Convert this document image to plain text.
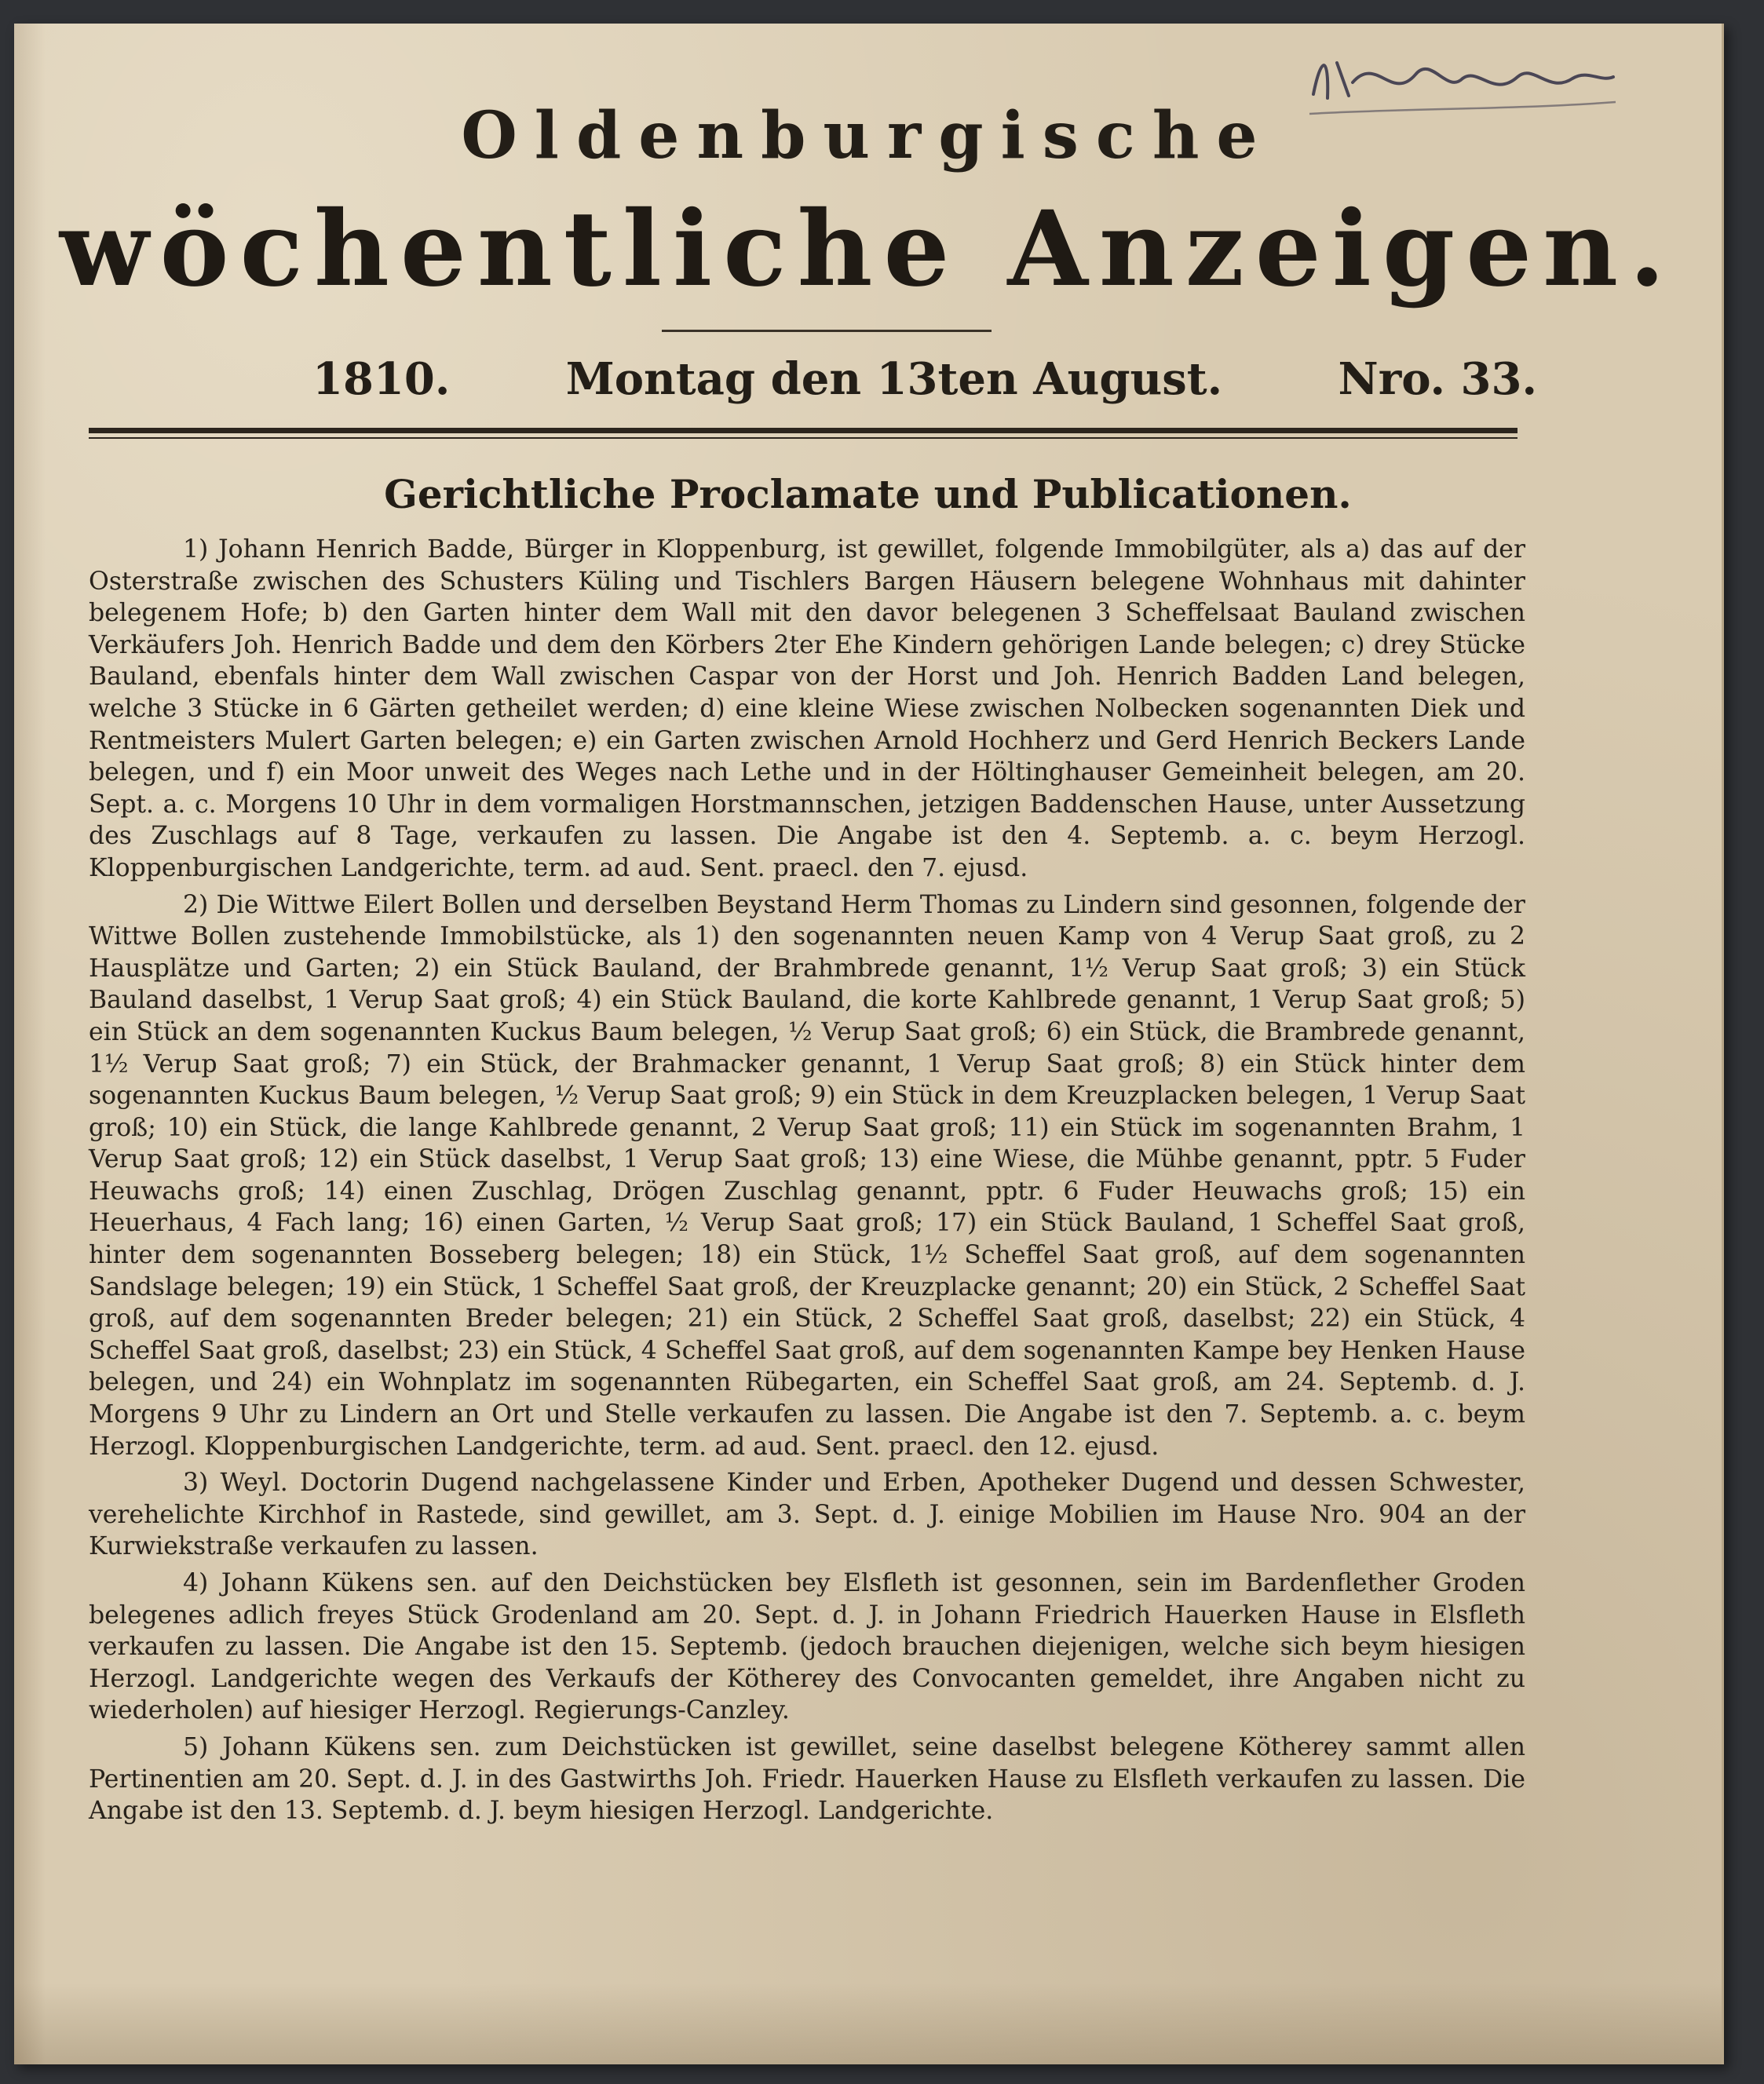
Oldenburgische
wöchentliche Anzeigen.
1810.	Montag den 13ten August.	Nro. 33.
Gerichtliche Proclamate und Publicationen.

1) Johann Henrich Badde, Bürger in Kloppenburg, ist gewillet, folgende Immobilgüter, als a) das auf der Osterstraße zwischen des Schusters Küling und Tischlers Bargen Häusern belegene Wohnhaus mit dahinter belegenem Hofe; b) den Garten hinter dem Wall mit den davor belegenen 3 Scheffelsaat Bauland zwischen Verkäufers Joh. Henrich Badde und dem den Körbers 2ter Ehe Kindern gehörigen Lande belegen; c) drey Stücke Bauland, ebenfals hinter dem Wall zwischen Caspar von der Horst und Joh. Henrich Badden Land belegen, welche 3 Stücke in 6 Gärten getheilet werden; d) eine kleine Wiese zwischen Nolbecken sogenannten Diek und Rentmeisters Mulert Garten belegen; e) ein Garten zwischen Arnold Hochherz und Gerd Henrich Beckers Lande belegen, und f) ein Moor unweit des Weges nach Lethe und in der Höltinghauser Gemeinheit belegen, am 20. Sept. a. c. Morgens 10 Uhr in dem vormaligen Horstmannschen, jetzigen Baddenschen Hause, unter Aussetzung des Zuschlags auf 8 Tage, verkaufen zu lassen. Die Angabe ist den 4. Septemb. a. c. beym Herzogl. Kloppenburgischen Landgerichte, term. ad aud. Sent. praecl. den 7. ejusd.

2) Die Wittwe Eilert Bollen und derselben Beystand Herm Thomas zu Lindern sind gesonnen, folgende der Wittwe Bollen zustehende Immobilstücke, als 1) den sogenannten neuen Kamp von 4 Verup Saat groß, zu 2 Hausplätze und Garten; 2) ein Stück Bauland, der Brahmbrede genannt, 1½ Verup Saat groß; 3) ein Stück Bauland daselbst, 1 Verup Saat groß; 4) ein Stück Bauland, die korte Kahlbrede genannt, 1 Verup Saat groß; 5) ein Stück an dem sogenannten Kuckus Baum belegen, ½ Verup Saat groß; 6) ein Stück, die Brambrede genannt, 1½ Verup Saat groß; 7) ein Stück, der Brahmacker genannt, 1 Verup Saat groß; 8) ein Stück hinter dem sogenannten Kuckus Baum belegen, ½ Verup Saat groß; 9) ein Stück in dem Kreuzplacken belegen, 1 Verup Saat groß; 10) ein Stück, die lange Kahlbrede genannt, 2 Verup Saat groß; 11) ein Stück im sogenannten Brahm, 1 Verup Saat groß; 12) ein Stück daselbst, 1 Verup Saat groß; 13) eine Wiese, die Mühbe genannt, pptr. 5 Fuder Heuwachs groß; 14) einen Zuschlag, Drögen Zuschlag genannt, pptr. 6 Fuder Heuwachs groß; 15) ein Heuerhaus, 4 Fach lang; 16) einen Garten, ½ Verup Saat groß; 17) ein Stück Bauland, 1 Scheffel Saat groß, hinter dem sogenannten Bosseberg belegen; 18) ein Stück, 1½ Scheffel Saat groß, auf dem sogenannten Sandslage belegen; 19) ein Stück, 1 Scheffel Saat groß, der Kreuzplacke genannt; 20) ein Stück, 2 Scheffel Saat groß, auf dem sogenannten Breder belegen; 21) ein Stück, 2 Scheffel Saat groß, daselbst; 22) ein Stück, 4 Scheffel Saat groß, daselbst; 23) ein Stück, 4 Scheffel Saat groß, auf dem sogenannten Kampe bey Henken Hause belegen, und 24) ein Wohnplatz im sogenannten Rübegarten, ein Scheffel Saat groß, am 24. Septemb. d. J. Morgens 9 Uhr zu Lindern an Ort und Stelle verkaufen zu lassen. Die Angabe ist den 7. Septemb. a. c. beym Herzogl. Kloppenburgischen Landgerichte, term. ad aud. Sent. praecl. den 12. ejusd.

3) Weyl. Doctorin Dugend nachgelassene Kinder und Erben, Apotheker Dugend und dessen Schwester, verehelichte Kirchhof in Rastede, sind gewillet, am 3. Sept. d. J. einige Mobilien im Hause Nro. 904 an der Kurwiekstraße verkaufen zu lassen.

4) Johann Kükens sen. auf den Deichstücken bey Elsfleth ist gesonnen, sein im Bardenflether Groden belegenes adlich freyes Stück Grodenland am 20. Sept. d. J. in Johann Friedrich Hauerken Hause in Elsfleth verkaufen zu lassen. Die Angabe ist den 15. Septemb. (jedoch brauchen diejenigen, welche sich beym hiesigen Herzogl. Landgerichte wegen des Verkaufs der Kötherey des Convocanten gemeldet, ihre Angaben nicht zu wiederholen) auf hiesiger Herzogl. Regierungs-Canzley.

5) Johann Kükens sen. zum Deichstücken ist gewillet, seine daselbst belegene Kötherey sammt allen Pertinentien am 20. Sept. d. J. in des Gastwirths Joh. Friedr. Hauerken Hause zu Elsfleth verkaufen zu lassen. Die Angabe ist den 13. Septemb. d. J. beym hiesigen Herzogl. Landgerichte.
